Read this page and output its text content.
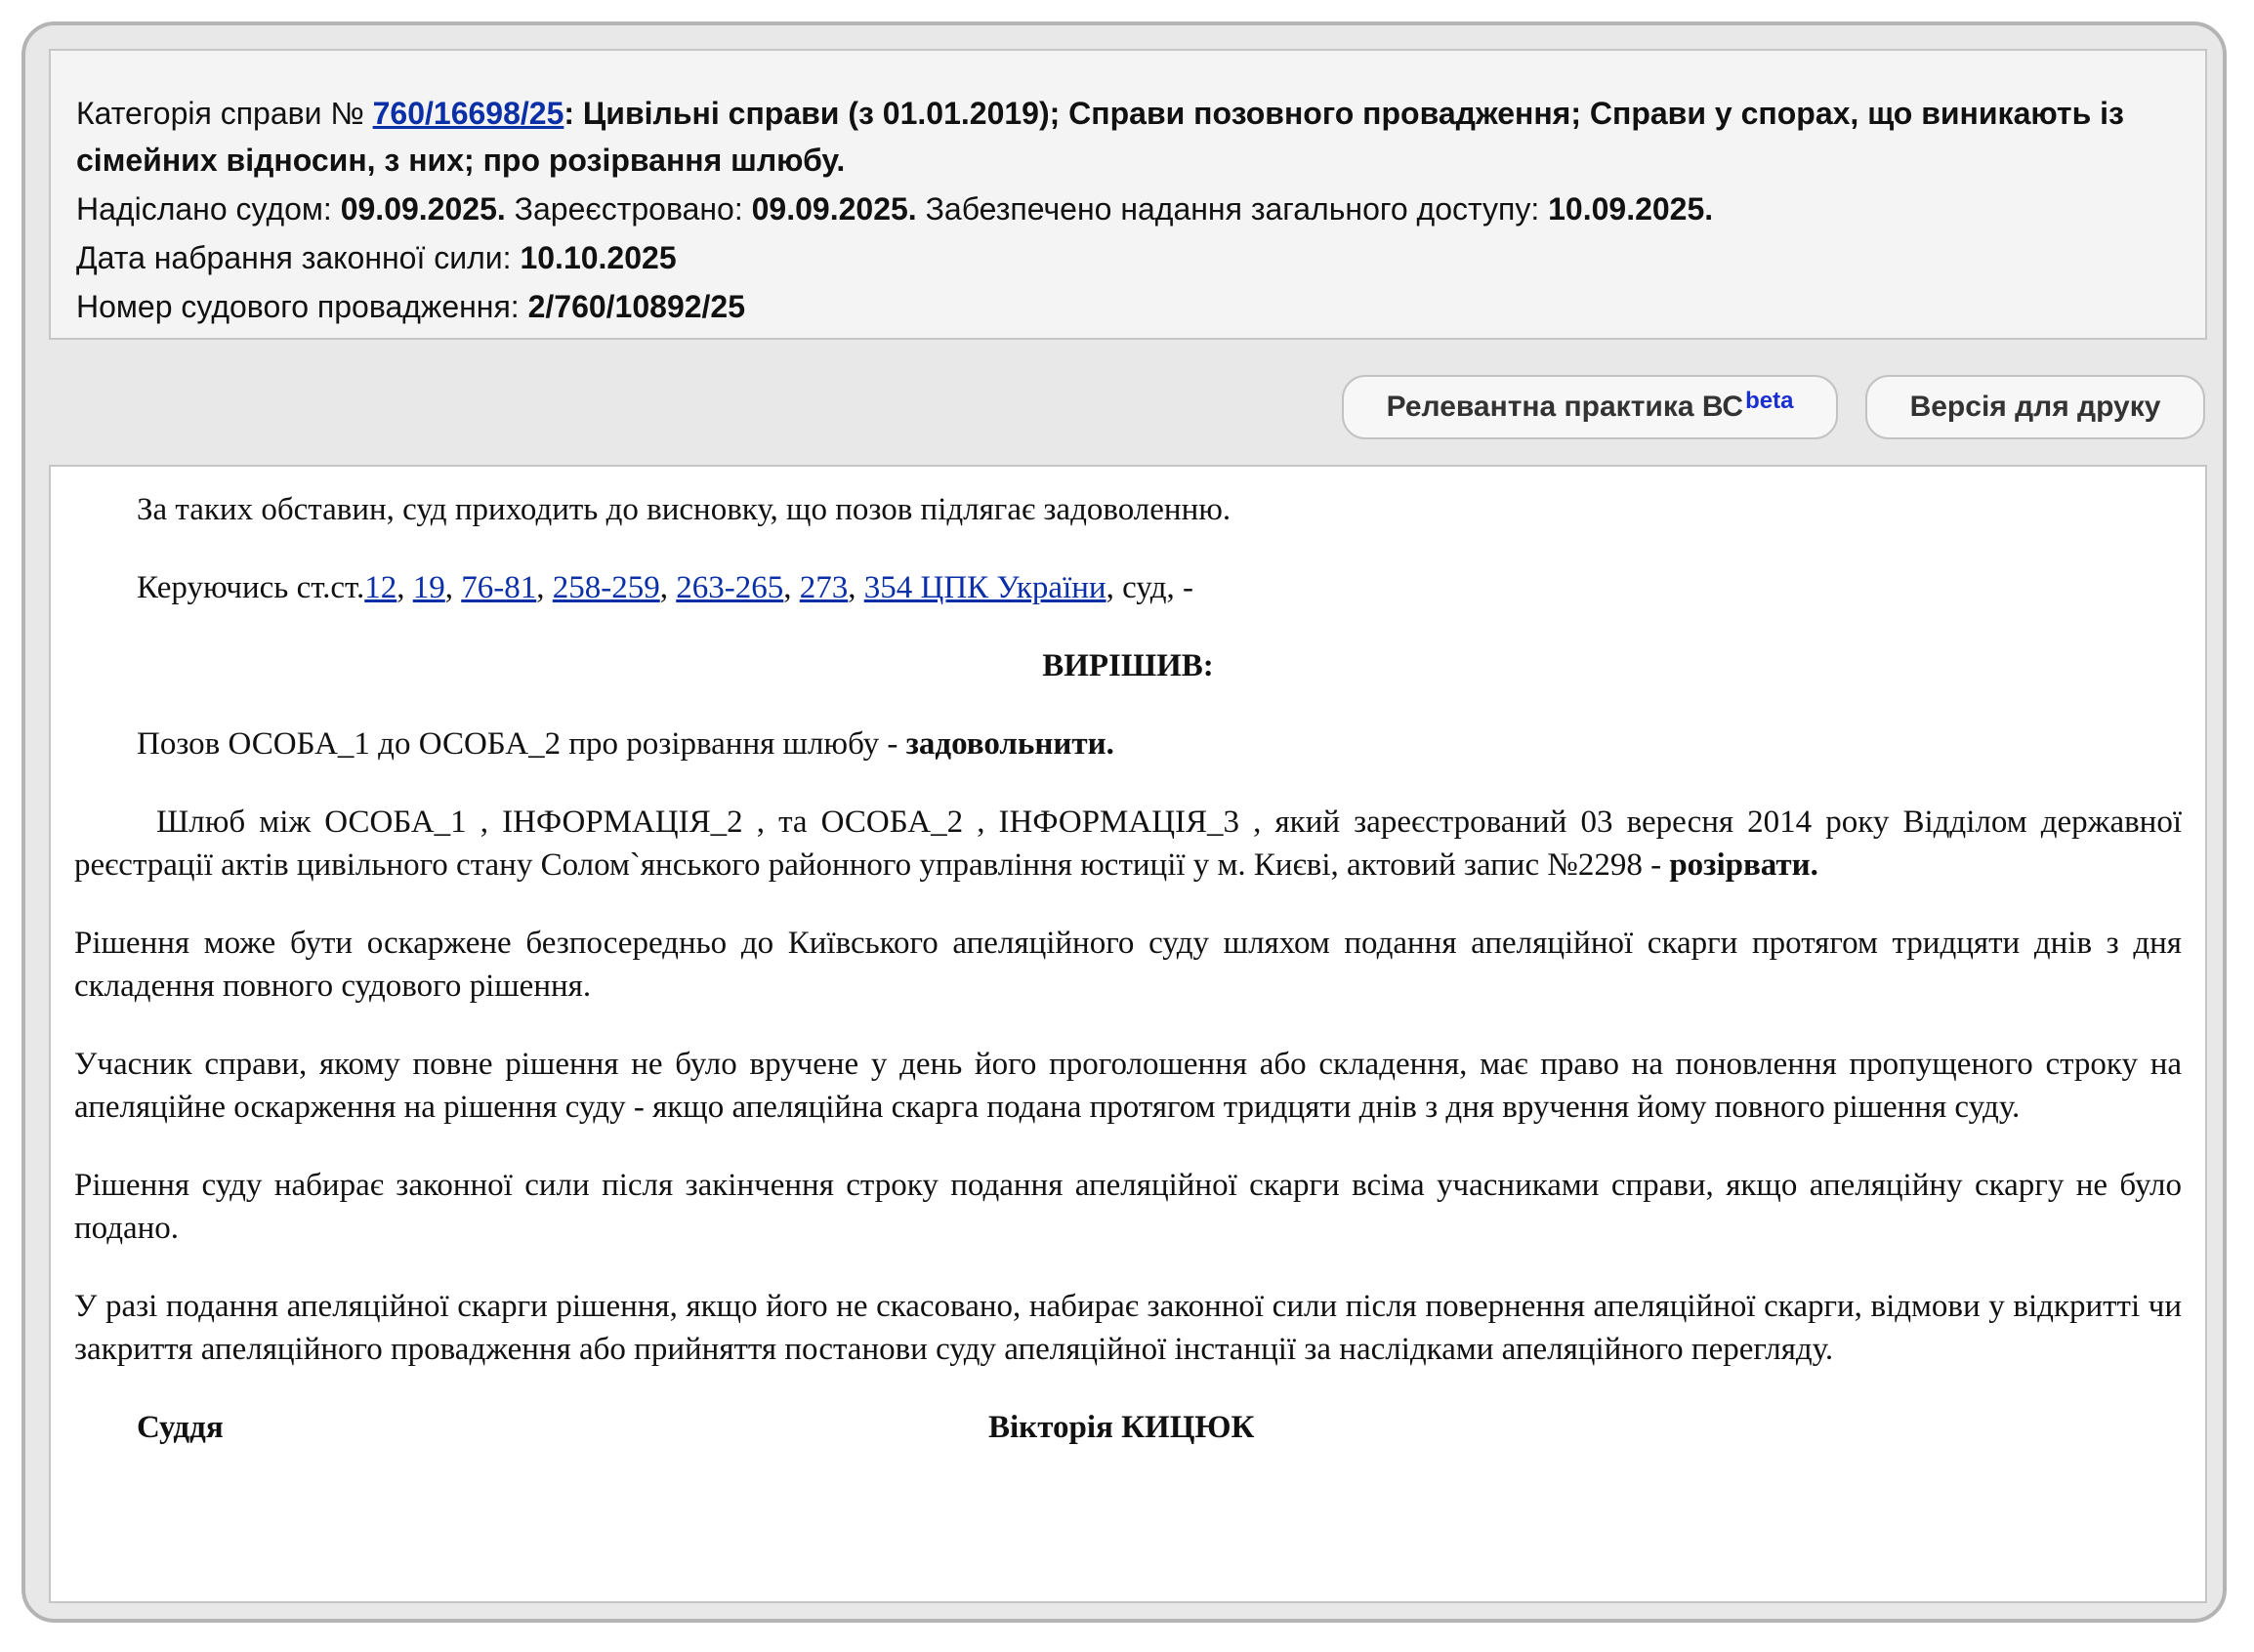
Категорія справи № 760/16698/25: Цивільні справи (з 01.01.2019); Справи позовного провадження; Справи у спорах, що виникають із сімейних відносин, з них; про розірвання шлюбу.

Надіслано судом: 09.09.2025. Зареєстровано: 09.09.2025. Забезпечено надання загального доступу: 10.09.2025.

Дата набрання законної сили: 10.10.2025

Номер судового провадження: 2/760/10892/25

Релевантна практика $ВС^{beta}$	Версія для друку

За таких обставин, суд приходить до висновку, що позов підлягає задоволенню.

Керуючись ст.ст.12, 19, 76-81, 258-259, 263-265, 273, 354 ЦПК України, суд, -

ВИРІШИВ:

Позов ОСОБА_1 до ОСОБА_2 про розірвання шлюбу - задовольнити.

Шлюб між ОСОБА_1 , ІНФОРМАЦІЯ_2 , та ОСОБА_2 , ІНФОРМАЦІЯ_3 , який зареєстрований 03 вересня 2014 року Відділом державної реєстрації актів цивільного стану Солом`янського районного управління юстиції у м. Києві, актовий запис №2298 - розірвати.

Рішення може бути оскаржене безпосередньо до Київського апеляційного суду шляхом подання апеляційної скарги протягом тридцяти днів з дня складення повного судового рішення.

Учасник справи, якому повне рішення не було вручене у день його проголошення або складення, має право на поновлення пропущеного строку на апеляційне оскарження на рішення суду - якщо апеляційна скарга подана протягом тридцяти днів з дня вручення йому повного рішення суду.

Рішення суду набирає законної сили після закінчення строку подання апеляційної скарги всіма учасниками справи, якщо апеляційну скаргу не було подано.

У разі подання апеляційної скарги рішення, якщо його не скасовано, набирає законної сили після повернення апеляційної скарги, відмови у відкритті чи закриття апеляційного провадження або прийняття постанови суду апеляційної інстанції за наслідками апеляційного перегляду.

Суддя	Вікторія КИЦЮК
